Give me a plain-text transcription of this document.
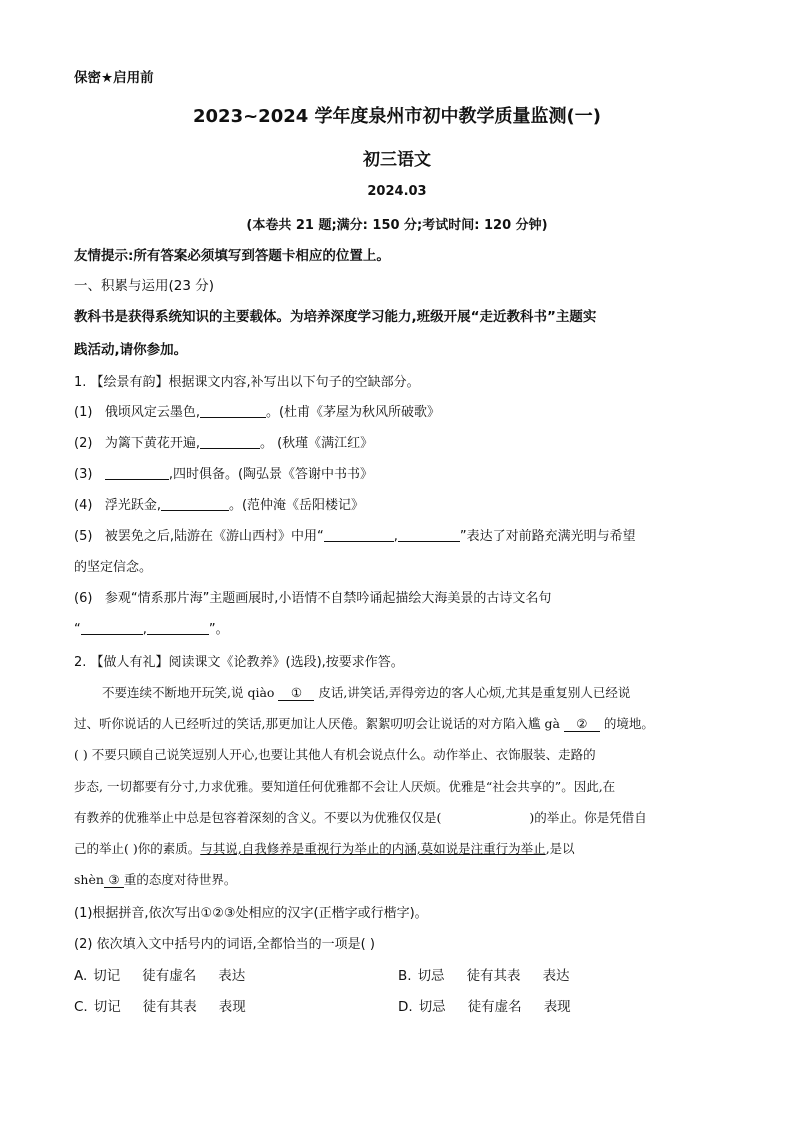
保密★启用前
2023~2024 学年度泉州市初中教学质量监测(一)
初三语文
2024.03
(本卷共 21 题;满分: 150 分;考试时间: 120 分钟)
友情提示:所有答案必须填写到答题卡相应的位置上。
一、积累与运用(23 分)
教科书是获得系统知识的主要载体。为培养深度学习能力,班级开展“走近教科书”主题实
践活动,请你参加。
1. 【绘景有韵】根据课文内容,补写出以下句子的空缺部分。
(1) 俄顷风定云墨色,	。(杜甫《茅屋为秋风所破歌》
(2) 为篱下黄花开遍,	。 (秋瑾《满江红》
(3)	,四时俱备。(陶弘景《答谢中书书》
(4) 浮光跃金,	。(范仲淹《岳阳楼记》
(5) 被罢免之后,陆游在《游山西村》中用“	,	”表达了对前路充满光明与希望
的坚定信念。
(6) 参观“情系那片海”主题画展时,小语情不自禁吟诵起描绘大海美景的古诗文名句
“	,	”。
2. 【做人有礼】阅读课文《论教养》(选段),按要求作答。
不要连续不断地开玩笑,说 qiào ① 皮话,讲笑话,弄得旁边的客人心烦,尤其是重复别人已经说
过、听你说话的人已经听过的笑话,那更加让人厌倦。絮絮叨叨会让说话的对方陷入尴 gà ② 的境地。
( ) 不要只顾自己说笑逗别人开心,也要让其他人有机会说点什么。动作举止、衣饰服装、走路的
步态, 一切都要有分寸,力求优雅。要知道任何优雅都不会让人厌烦。优雅是“社会共享的”。因此,在
有教养的优雅举止中总是包容着深刻的含义。不要以为优雅仅仅是(	)的举止。你是凭借自
己的举止( )你的素质。与其说,自我修养是重视行为举止的内涵,莫如说是注重行为举止,是以
shèn ③ 重的态度对待世界。
(1)根据拼音,依次写出①②③处相应的汉字(正楷字或行楷字)。
(2) 依次填入文中括号内的词语,全都恰当的一项是( )
A. 切记 徒有虚名 表达	B. 切忌 徒有其表 表达
C. 切记 徒有其表 表现	D. 切忌 徒有虚名 表现
